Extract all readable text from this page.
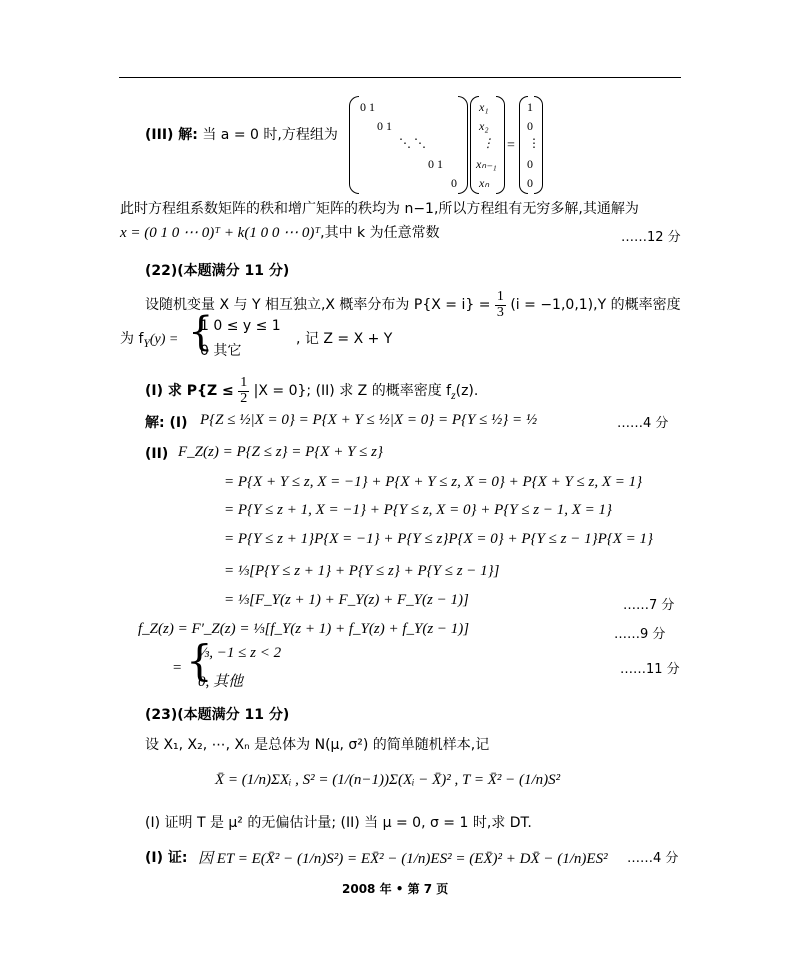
(III) 解: 当 a = 0 时,方程组为
0 1
0 1
⋱ ⋱
0 1
0
x₁
x₂
⋮
xₙ₋₁
xₙ
=
1
0
⋮
0
0
此时方程组系数矩阵的秩和增广矩阵的秩均为 n−1,所以方程组有无穷多解,其通解为
x = (0 1 0 ⋯ 0)ᵀ + k(1 0 0 ⋯ 0)ᵀ,其中 k 为任意常数	……12 分
(22)(本题满分 11 分)
设随机变量 X 与 Y 相互独立,X 概率分布为 $P\{X = i\} = \frac{1}{3} (i = -1,0,1),Y$ 的概率密度
为 $f_Y(y)$ = {
1 0 ≤ y ≤ 1
0 其它
, 记 Z = X + Y
(I) 求 $P\{Z \le \frac{1}{2} |X = 0\}$; (II) 求 Z 的概率密度 $f_z(z)$.
解: (I) P{Z ≤ ½|X = 0} = P{X + Y ≤ ½|X = 0} = P{Y ≤ ½} = ½	……4 分
(II) F_Z(z) = P{Z ≤ z} = P{X + Y ≤ z}
= P{X + Y ≤ z, X = −1} + P{X + Y ≤ z, X = 0} + P{X + Y ≤ z, X = 1}
= P{Y ≤ z + 1, X = −1} + P{Y ≤ z, X = 0} + P{Y ≤ z − 1, X = 1}
= P{Y ≤ z + 1}P{X = −1} + P{Y ≤ z}P{X = 0} + P{Y ≤ z − 1}P{X = 1}
= ⅓[P{Y ≤ z + 1} + P{Y ≤ z} + P{Y ≤ z − 1}]
= ⅓[F_Y(z + 1) + F_Y(z) + F_Y(z − 1)]	……7 分
f_Z(z) = F′_Z(z) = ⅓[f_Y(z + 1) + f_Y(z) + f_Y(z − 1)]	……9 分
= {
⅓, −1 ≤ z < 2
0, 其他
……11 分
(23)(本题满分 11 分)
设 X₁, X₂, ⋯, Xₙ 是总体为 N(μ, σ²) 的简单随机样本,记
X̄ = (1/n)ΣXᵢ , S² = (1/(n−1))Σ(Xᵢ − X̄)² , T = X̄² − (1/n)S²
(I) 证明 T 是 μ² 的无偏估计量; (II) 当 μ = 0, σ = 1 时,求 DT.
(I) 证: 因 ET = E(X̄² − (1/n)S²) = EX̄² − (1/n)ES² = (EX̄)² + DX̄ − (1/n)ES² ……4 分
2008 年 • 第 7 页
